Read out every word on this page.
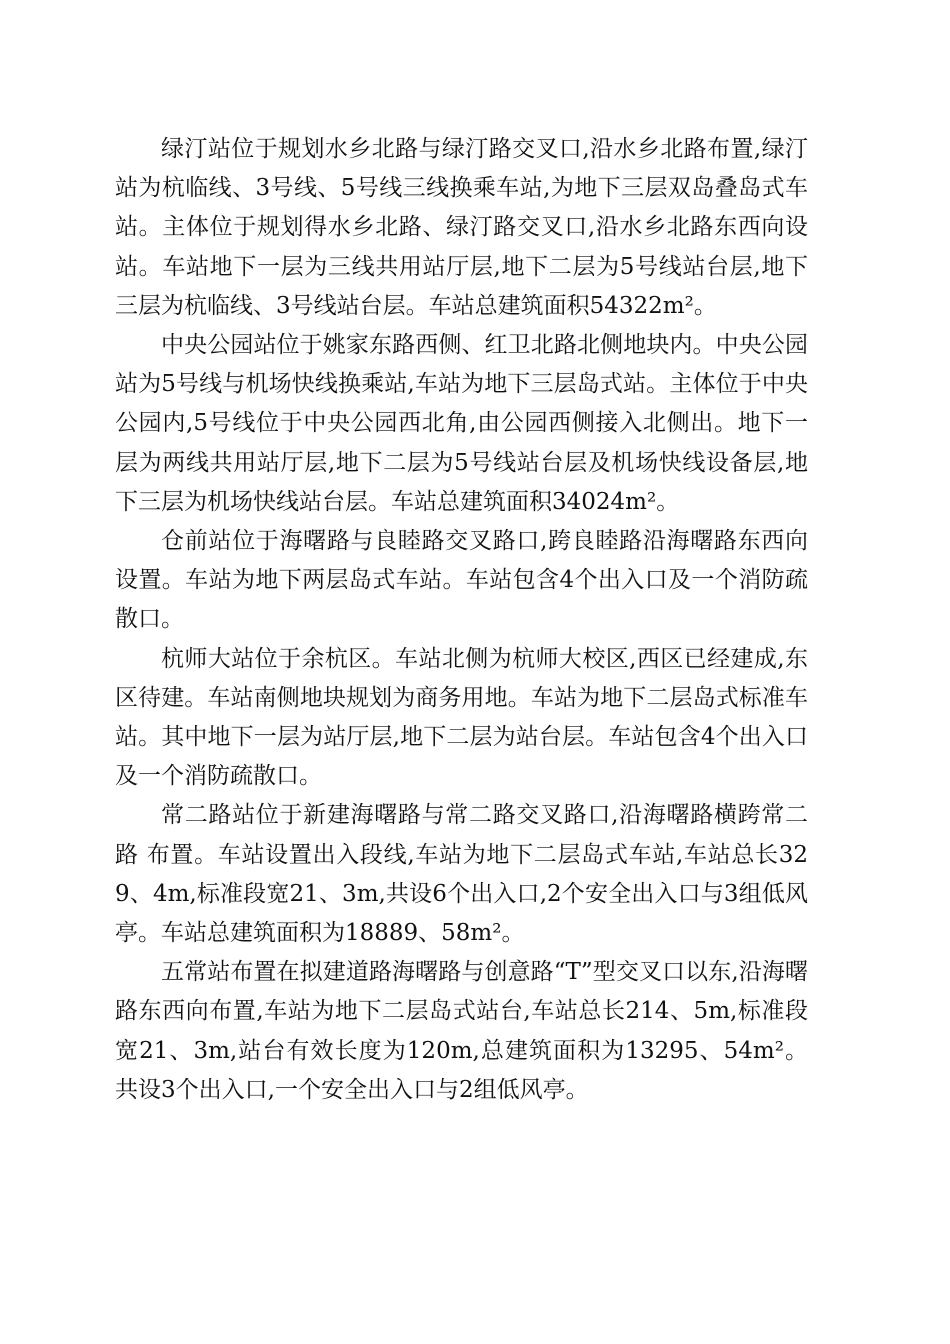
绿汀站位于规划水乡北路与绿汀路交叉口,沿水乡北路布置,绿汀站为杭临线、3号线、5号线三线换乘车站,为地下三层双岛叠岛式车站。主体位于规划得水乡北路、绿汀路交叉口,沿水乡北路东西向设站。车站地下一层为三线共用站厅层,地下二层为5号线站台层,地下三层为杭临线、3号线站台层。车站总建筑面积54322m²。

中央公园站位于姚家东路西侧、红卫北路北侧地块内。中央公园站为5号线与机场快线换乘站,车站为地下三层岛式站。主体位于中央公园内,5号线位于中央公园西北角,由公园西侧接入北侧出。地下一层为两线共用站厅层,地下二层为5号线站台层及机场快线设备层,地下三层为机场快线站台层。车站总建筑面积34024m²。

仓前站位于海曙路与良睦路交叉路口,跨良睦路沿海曙路东西向设置。车站为地下两层岛式车站。车站包含4个出入口及一个消防疏散口。

杭师大站位于余杭区。车站北侧为杭师大校区,西区已经建成,东区待建。车站南侧地块规划为商务用地。车站为地下二层岛式标准车站。其中地下一层为站厅层,地下二层为站台层。车站包含4个出入口及一个消防疏散口。

常二路站位于新建海曙路与常二路交叉路口,沿海曙路横跨常二路 布置。车站设置出入段线,车站为地下二层岛式车站,车站总长329、4m,标准段宽21、3m,共设6个出入口,2个安全出入口与3组低风亭。车站总建筑面积为18889、58m²。

五常站布置在拟建道路海曙路与创意路“T”型交叉口以东,沿海曙路东西向布置,车站为地下二层岛式站台,车站总长214、5m,标准段宽21、3m,站台有效长度为120m,总建筑面积为13295、54m²。共设3个出入口,一个安全出入口与2组低风亭。
